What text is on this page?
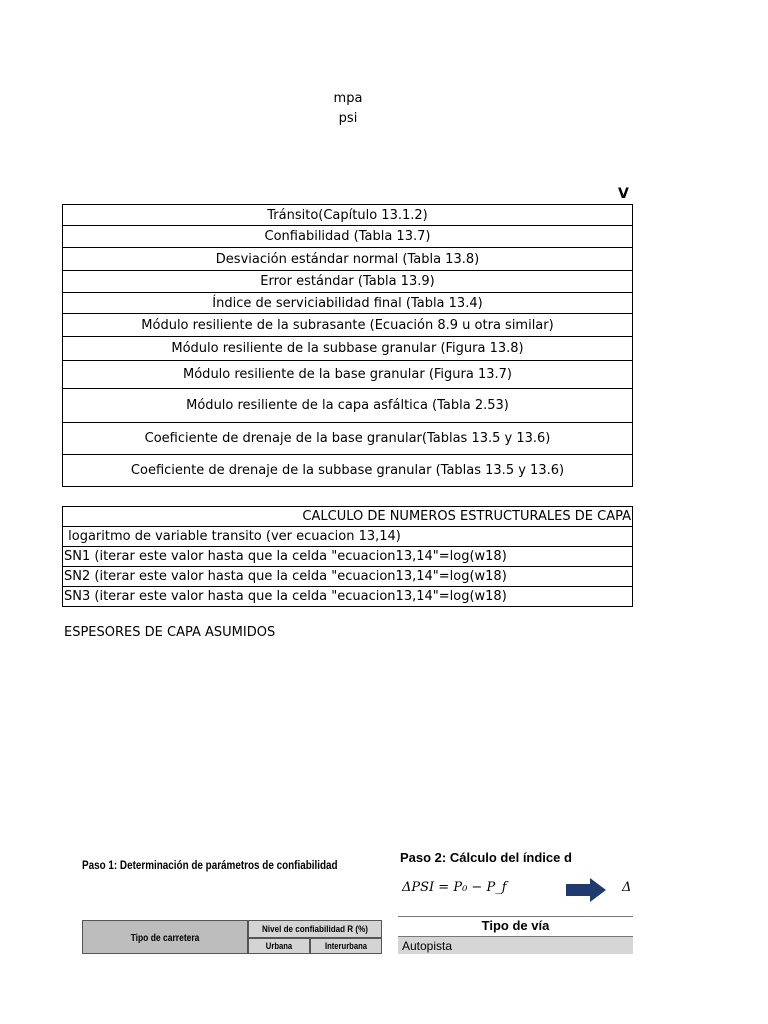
mpa
psi
V
Tránsito(Capítulo 13.1.2)
Confiabilidad (Tabla 13.7)
Desviación estándar normal (Tabla 13.8)
Error estándar (Tabla 13.9)
Índice de serviciabilidad final (Tabla 13.4)
Módulo resiliente de la subrasante (Ecuación 8.9 u otra similar)
Módulo resiliente de la subbase granular (Figura 13.8)
Módulo resiliente de la base granular (Figura 13.7)
Módulo resiliente de la capa asfáltica (Tabla 2.53)
Coeficiente de drenaje de la base granular(Tablas 13.5 y 13.6)
Coeficiente de drenaje de la subbase granular (Tablas 13.5 y 13.6)
CALCULO DE NUMEROS ESTRUCTURALES DE CAPA
logaritmo de variable transito (ver ecuacion 13,14)
SN1 (iterar este valor hasta que la celda "ecuacion13,14"=log(w18)
SN2 (iterar este valor hasta que la celda "ecuacion13,14"=log(w18)
SN3 (iterar este valor hasta que la celda "ecuacion13,14"=log(w18)
ESPESORES DE CAPA ASUMIDOS
Paso 1: Determinación de parámetros de confiabilidad
Tipo de carretera
Nivel de confiabilidad R (%)
Urbana	Interurbana
Paso 2: Cálculo del índice d
ΔPSI = P₀ − P_f	Δ
Tipo de vía
Autopista
